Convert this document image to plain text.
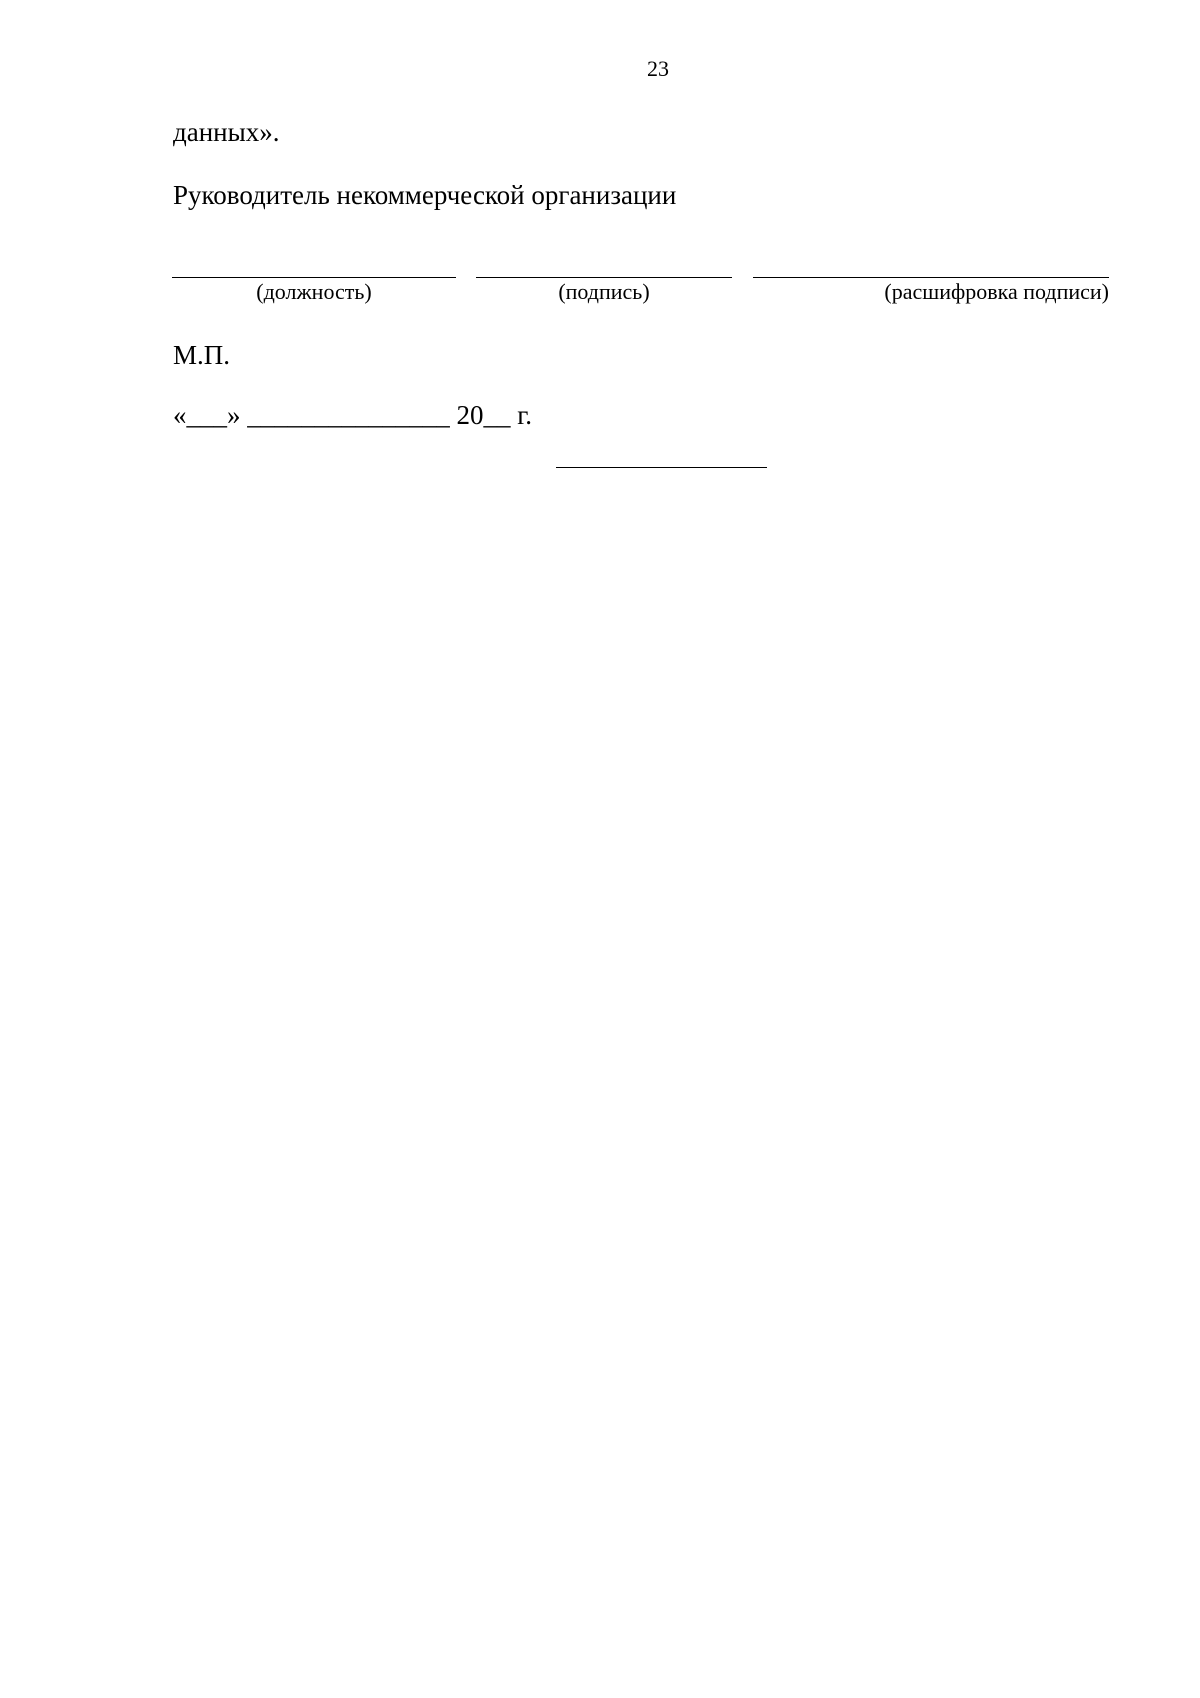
23
данных».
Руководитель некоммерческой организации
(должность)	(подпись)	(расшифровка подписи)
М.П.
«___» _______________ 20__ г.
